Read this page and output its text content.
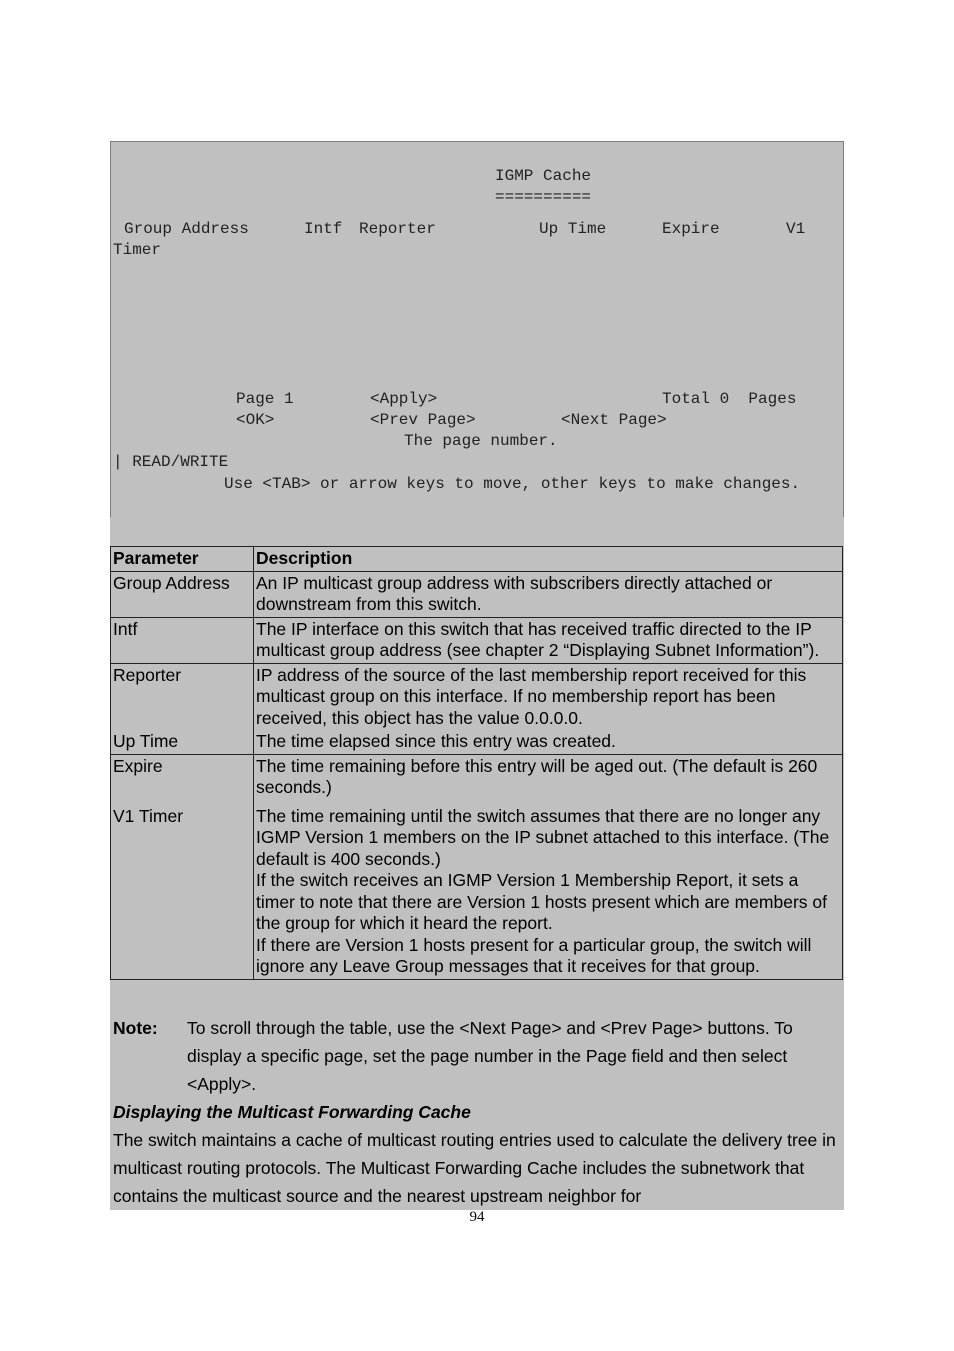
IGMP Cache
==========
Group Address	Intf Reporter	Up Time	Expire	V1
Timer
Page 1	<Apply>	Total 0  Pages
<OK>	<Prev Page>	<Next Page>
The page number.
| READ/WRITE
Use <TAB> or arrow keys to move, other keys to make changes.
Parameter	Description
Group Address	An IP multicast group address with subscribers directly attached or downstream from this switch.
Intf	The IP interface on this switch that has received traffic directed to the IP multicast group address (see chapter 2 “Displaying Subnet Information”).
Reporter	IP address of the source of the last membership report received for this multicast group on this interface. If no membership report has been received, this object has the value 0.0.0.0.
Up Time	The time elapsed since this entry was created.
Expire	The time remaining before this entry will be aged out. (The default is 260 seconds.)
V1 Timer	The time remaining until the switch assumes that there are no longer any IGMP Version 1 members on the IP subnet attached to this interface. (The default is 400 seconds.)
If the switch receives an IGMP Version 1 Membership Report, it sets a timer to note that there are Version 1 hosts present which are members of the group for which it heard the report.
If there are Version 1 hosts present for a particular group, the switch will ignore any Leave Group messages that it receives for that group.
Note: To scroll through the table, use the <Next Page> and <Prev Page> buttons. To display a specific page, set the page number in the Page field and then select <Apply>.
Displaying the Multicast Forwarding Cache
The switch maintains a cache of multicast routing entries used to calculate the delivery tree in multicast routing protocols. The Multicast Forwarding Cache includes the subnetwork that contains the multicast source and the nearest upstream neighbor for
94
